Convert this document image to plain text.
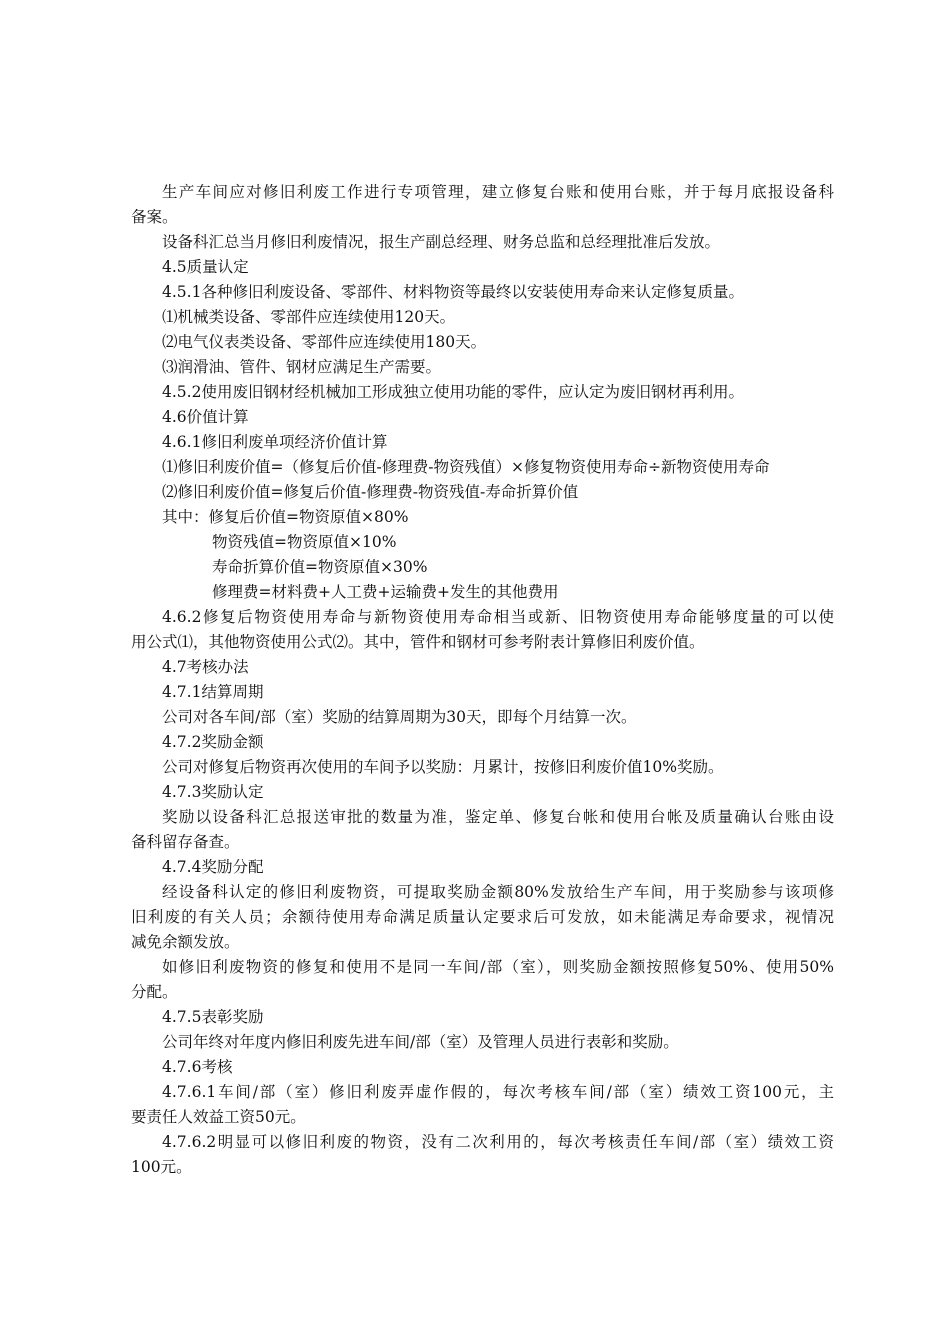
生产车间应对修旧利废工作进行专项管理，建立修复台账和使用台账，并于每月底报设备科
备案。
设备科汇总当月修旧利废情况，报生产副总经理、财务总监和总经理批准后发放。
4.5质量认定
4.5.1各种修旧利废设备、零部件、材料物资等最终以安装使用寿命来认定修复质量。
⑴机械类设备、零部件应连续使用120天。
⑵电气仪表类设备、零部件应连续使用180天。
⑶润滑油、管件、钢材应满足生产需要。
4.5.2使用废旧钢材经机械加工形成独立使用功能的零件，应认定为废旧钢材再利用。
4.6价值计算
4.6.1修旧利废单项经济价值计算
⑴修旧利废价值=（修复后价值-修理费-物资残值）×修复物资使用寿命÷新物资使用寿命
⑵修旧利废价值=修复后价值-修理费-物资残值-寿命折算价值
其中：修复后价值=物资原值×80%
物资残值=物资原值×10%
寿命折算价值=物资原值×30%
修理费=材料费+人工费+运输费+发生的其他费用
4.6.2修复后物资使用寿命与新物资使用寿命相当或新、旧物资使用寿命能够度量的可以使
用公式⑴，其他物资使用公式⑵。其中，管件和钢材可参考附表计算修旧利废价值。
4.7考核办法
4.7.1结算周期
公司对各车间/部（室）奖励的结算周期为30天，即每个月结算一次。
4.7.2奖励金额
公司对修复后物资再次使用的车间予以奖励：月累计，按修旧利废价值10%奖励。
4.7.3奖励认定
奖励以设备科汇总报送审批的数量为准，鉴定单、修复台帐和使用台帐及质量确认台账由设
备科留存备查。
4.7.4奖励分配
经设备科认定的修旧利废物资，可提取奖励金额80%发放给生产车间，用于奖励参与该项修
旧利废的有关人员；余额待使用寿命满足质量认定要求后可发放，如未能满足寿命要求，视情况
减免余额发放。
如修旧利废物资的修复和使用不是同一车间/部（室），则奖励金额按照修复50%、使用50%
分配。
4.7.5表彰奖励
公司年终对年度内修旧利废先进车间/部（室）及管理人员进行表彰和奖励。
4.7.6考核
4.7.6.1车间/部（室）修旧利废弄虚作假的，每次考核车间/部（室）绩效工资100元，主
要责任人效益工资50元。
4.7.6.2明显可以修旧利废的物资，没有二次利用的，每次考核责任车间/部（室）绩效工资
100元。
